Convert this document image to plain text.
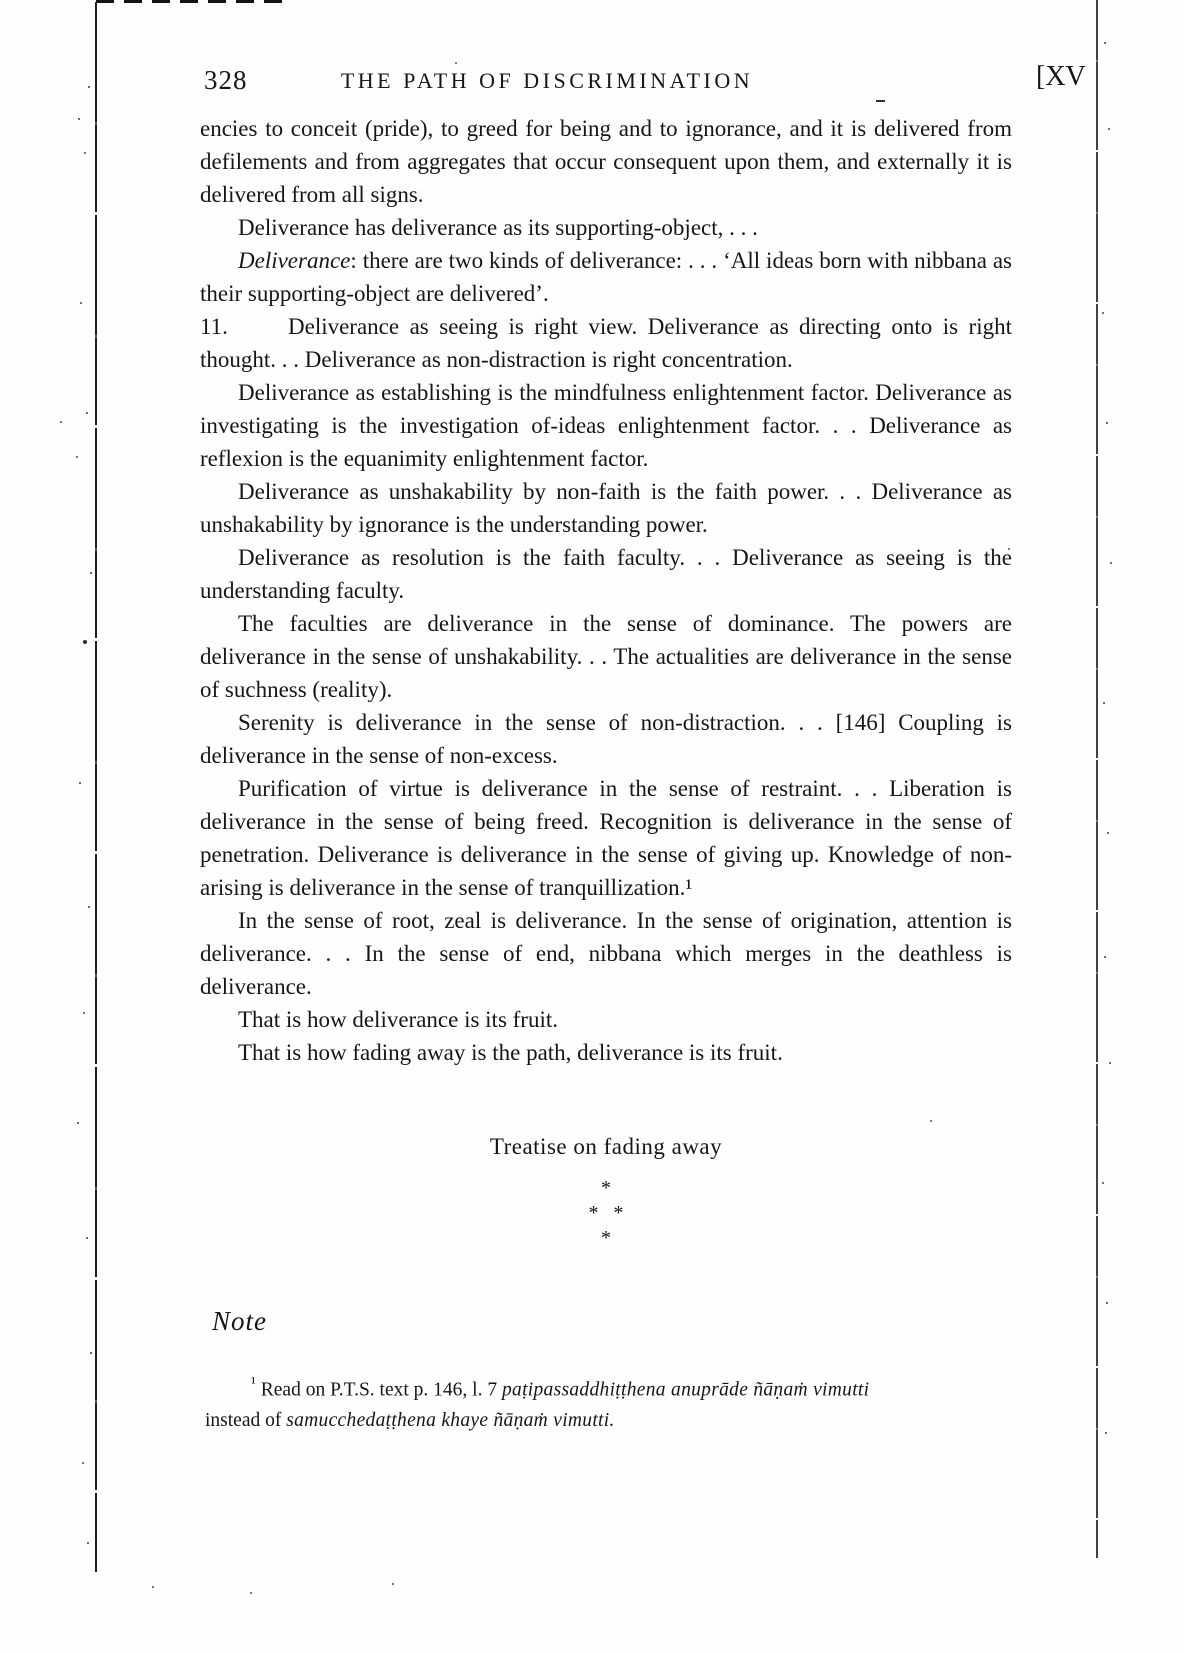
328	THE PATH OF DISCRIMINATION	[XV

encies to conceit (pride), to greed for being and to ignorance, and it is delivered from defilements and from aggregates that occur consequent upon them, and externally it is delivered from all signs.

Deliverance has deliverance as its supporting-object, . . .

Deliverance: there are two kinds of deliverance: . . . ‘All ideas born with nibbana as their supporting-object are delivered’.

11.	Deliverance as seeing is right view. Deliverance as directing onto is right thought. . . Deliverance as non-distraction is right concentration.

Deliverance as establishing is the mindfulness enlightenment factor. Deliverance as investigating is the investigation of-ideas enlightenment factor. . . Deliverance as reflexion is the equanimity enlightenment factor.

Deliverance as unshakability by non-faith is the faith power. . . Deliverance as unshakability by ignorance is the understanding power.

Deliverance as resolution is the faith faculty. . . Deliverance as seeing is the understanding faculty.

The faculties are deliverance in the sense of dominance. The powers are deliverance in the sense of unshakability. . . The actualities are deliverance in the sense of suchness (reality).

Serenity is deliverance in the sense of non-distraction. . . [146] Coupling is deliverance in the sense of non-excess.

Purification of virtue is deliverance in the sense of restraint. . . Liberation is deliverance in the sense of being freed. Recognition is deliverance in the sense of penetration. Deliverance is deliverance in the sense of giving up. Knowledge of non-arising is deliverance in the sense of tranquillization.¹

In the sense of root, zeal is deliverance. In the sense of origination, attention is deliverance. . . In the sense of end, nibbana which merges in the deathless is deliverance.

That is how deliverance is its fruit.

That is how fading away is the path, deliverance is its fruit.

Treatise on fading away
*
*   *
*
Note

$^{^1}$ Read on P.T.S. text p. 146, l. 7 paṭipassaddhiṭṭhena anuprāde ñāṇaṁ vimutti
instead of samucchedaṭṭhena khaye ñāṇaṁ vimutti.
